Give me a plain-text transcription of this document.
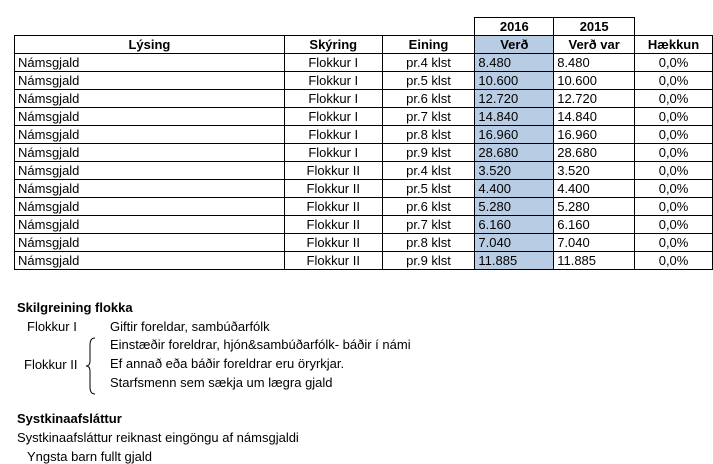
			2016	2015	
Lýsing	Skýring	Eining	Verð	Verð var	Hækkun
Námsgjald	Flokkur I	pr.4 klst	8.480	8.480	0,0%
Námsgjald	Flokkur I	pr.5 klst	10.600	10.600	0,0%
Námsgjald	Flokkur I	pr.6 klst	12.720	12.720	0,0%
Námsgjald	Flokkur I	pr.7 klst	14.840	14.840	0,0%
Námsgjald	Flokkur I	pr.8 klst	16.960	16.960	0,0%
Námsgjald	Flokkur I	pr.9 klst	28.680	28.680	0,0%
Námsgjald	Flokkur II	pr.4 klst	3.520	3.520	0,0%
Námsgjald	Flokkur II	pr.5 klst	4.400	4.400	0,0%
Námsgjald	Flokkur II	pr.6 klst	5.280	5.280	0,0%
Námsgjald	Flokkur II	pr.7 klst	6.160	6.160	0,0%
Námsgjald	Flokkur II	pr.8 klst	7.040	7.040	0,0%
Námsgjald	Flokkur II	pr.9 klst	11.885	11.885	0,0%
Skilgreining flokka
Flokkur I	Giftir foreldar, sambúðarfólk
Flokkur II
Einstæðir foreldrar, hjón&sambúðarfólk- báðir í námi
Ef annað eða báðir foreldrar eru öryrkjar.
Starfsmenn sem sækja um lægra gjald
Systkinaafsláttur
Systkinaafsláttur reiknast eingöngu af námsgjaldi
Yngsta barn fullt gjald
